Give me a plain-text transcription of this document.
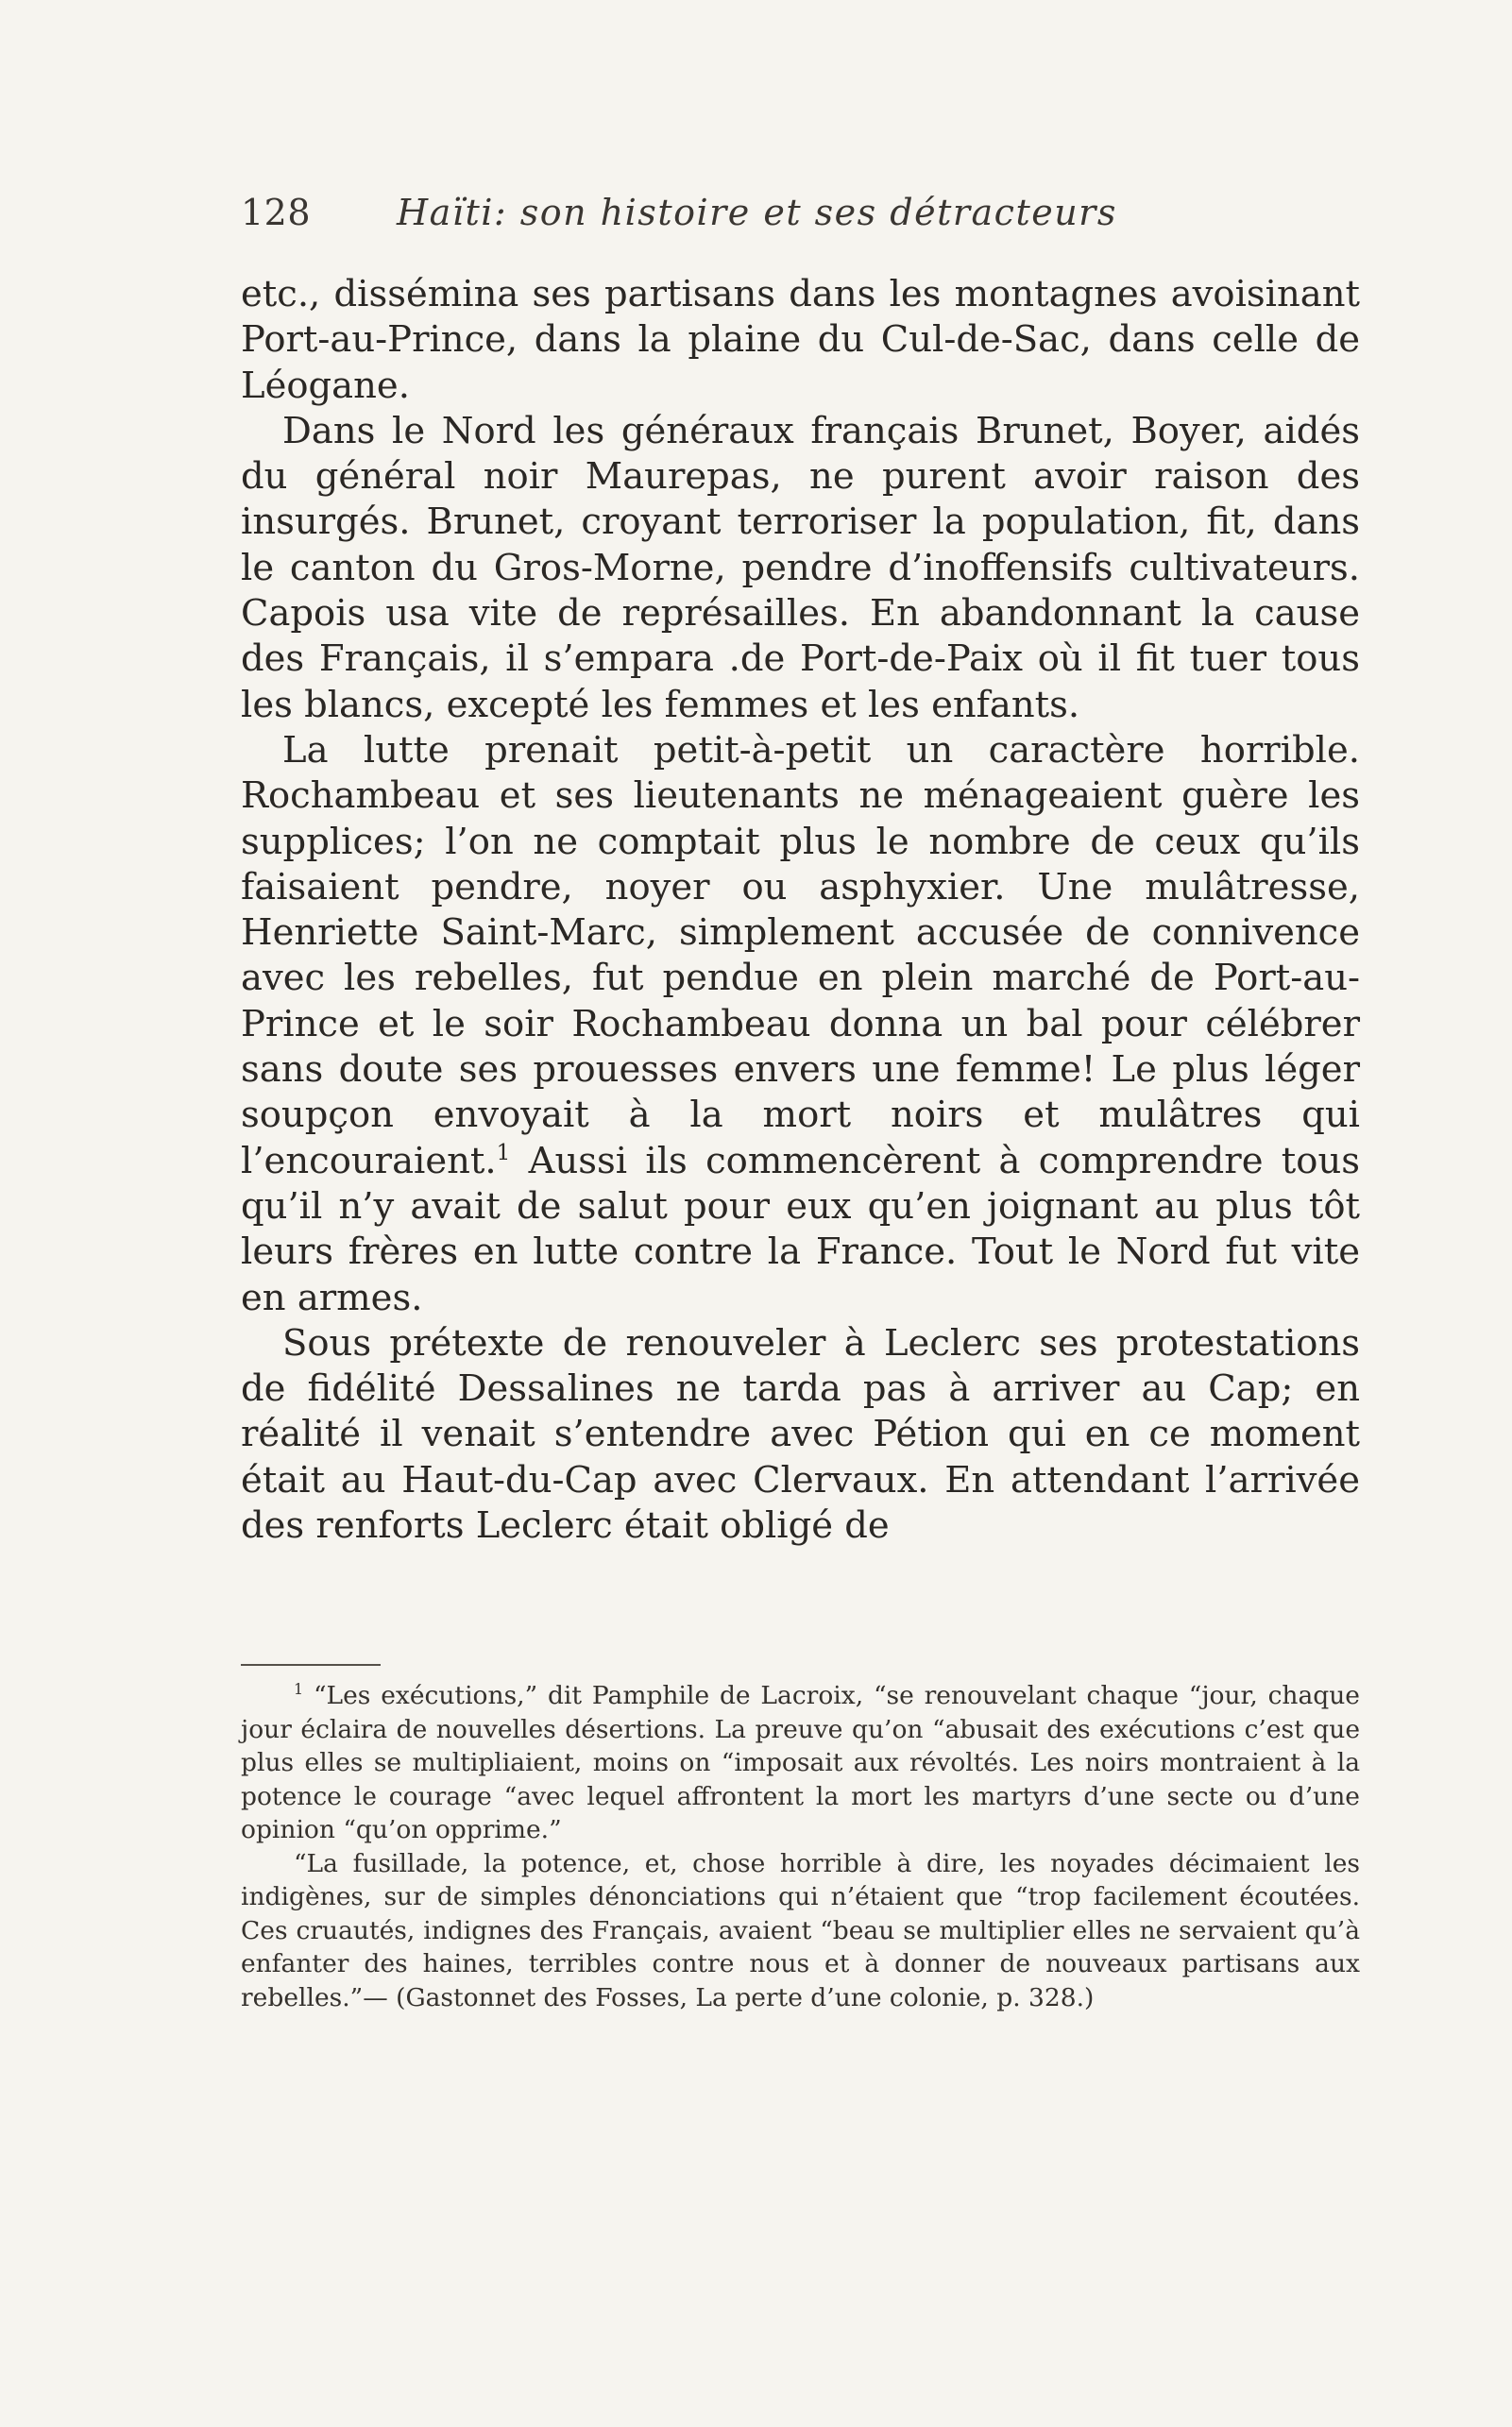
128 Haïti: son histoire et ses détracteurs

etc., dissémina ses partisans dans les montagnes avoisinant Port-au-Prince, dans la plaine du Cul-de-Sac, dans celle de Léogane.

Dans le Nord les généraux français Brunet, Boyer, aidés du général noir Maurepas, ne purent avoir raison des insurgés. Brunet, croyant terroriser la population, fit, dans le canton du Gros-Morne, pendre d’inoffensifs cultivateurs. Capois usa vite de représailles. En abandonnant la cause des Français, il s’empara .de Port-de-Paix où il fit tuer tous les blancs, excepté les femmes et les enfants.

La lutte prenait petit-à-petit un caractère horrible. Rochambeau et ses lieutenants ne ménageaient guère les supplices; l’on ne comptait plus le nombre de ceux qu’ils faisaient pendre, noyer ou asphyxier. Une mulâtresse, Henriette Saint-Marc, simplement accusée de connivence avec les rebelles, fut pendue en plein marché de Port-au-Prince et le soir Rochambeau donna un bal pour célébrer sans doute ses prouesses envers une femme! Le plus léger soupçon envoyait à la mort noirs et mulâtres qui l’encouraient.$^1$ Aussi ils commencèrent à comprendre tous qu’il n’y avait de salut pour eux qu’en joignant au plus tôt leurs frères en lutte contre la France. Tout le Nord fut vite en armes.

Sous prétexte de renouveler à Leclerc ses protestations de fidélité Dessalines ne tarda pas à arriver au Cap; en réalité il venait s’entendre avec Pétion qui en ce moment était au Haut-du-Cap avec Clervaux. En attendant l’arrivée des renforts Leclerc était obligé de

$^1$ “Les exécutions,” dit Pamphile de Lacroix, “se renouvelant chaque “jour, chaque jour éclaira de nouvelles désertions. La preuve qu’on “abusait des exécutions c’est que plus elles se multipliaient, moins on “imposait aux révoltés. Les noirs montraient à la potence le courage “avec lequel affrontent la mort les martyrs d’une secte ou d’une opinion “qu’on opprime.”

“La fusillade, la potence, et, chose horrible à dire, les noyades décimaient les indigènes, sur de simples dénonciations qui n’étaient que “trop facilement écoutées. Ces cruautés, indignes des Français, avaient “beau se multiplier elles ne servaient qu’à enfanter des haines, terribles contre nous et à donner de nouveaux partisans aux rebelles.”— (Gastonnet des Fosses, La perte d’une colonie, p. 328.)
